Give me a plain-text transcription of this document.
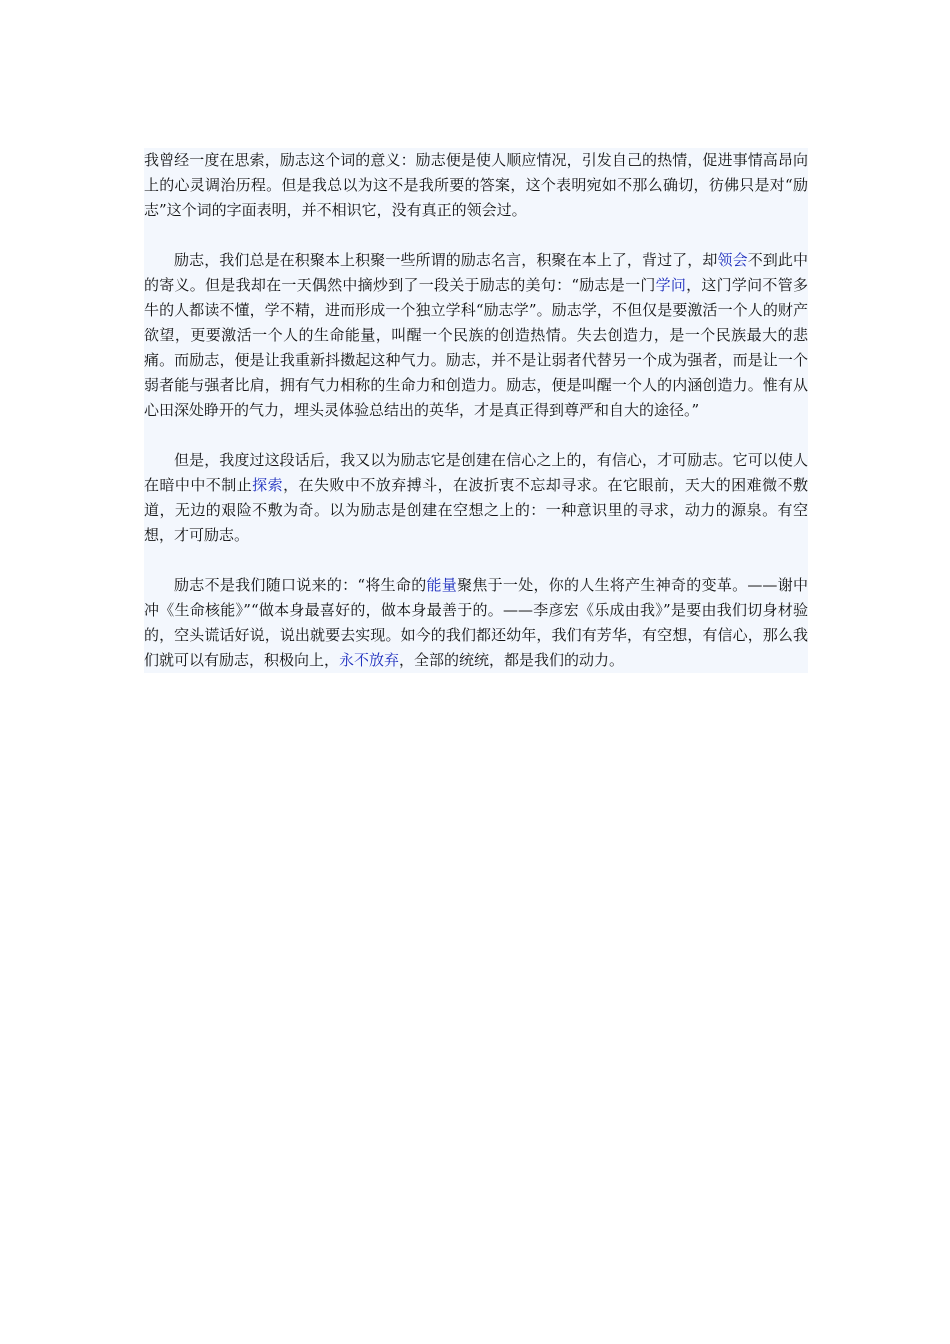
我曾经一度在思索，励志这个词的意义：励志便是使人顺应情况，引发自己的热情，促进事情高昂向上的心灵调治历程。但是我总以为这不是我所要的答案，这个表明宛如不那么确切，彷佛只是对“励志”这个词的字面表明，并不相识它，没有真正的领会过。

励志，我们总是在积聚本上积聚一些所谓的励志名言，积聚在本上了，背过了，却领会不到此中的寄义。但是我却在一天偶然中摘炒到了一段关于励志的美句：“励志是一门学问，这门学问不管多牛的人都读不懂，学不精，进而形成一个独立学科“励志学”。励志学，不但仅是要激活一个人的财产欲望，更要激活一个人的生命能量，叫醒一个民族的创造热情。失去创造力，是一个民族最大的悲痛。而励志，便是让我重新抖擞起这种气力。励志，并不是让弱者代替另一个成为强者，而是让一个弱者能与强者比肩，拥有气力相称的生命力和创造力。励志，便是叫醒一个人的内涵创造力。惟有从心田深处睁开的气力，埋头灵体验总结出的英华，才是真正得到尊严和自大的途径。”

但是，我度过这段话后，我又以为励志它是创建在信心之上的，有信心，才可励志。它可以使人在暗中中不制止探索，在失败中不放弃搏斗，在波折衷不忘却寻求。在它眼前，天大的困难微不敷道，无边的艰险不敷为奇。以为励志是创建在空想之上的：一种意识里的寻求，动力的源泉。有空想，才可励志。

励志不是我们随口说来的：“将生命的能量聚焦于一处，你的人生将产生神奇的变革。——谢中冲《生命核能》”“做本身最喜好的，做本身最善于的。——李彦宏《乐成由我》”是要由我们切身材验的，空头谎话好说，说出就要去实现。如今的我们都还幼年，我们有芳华，有空想，有信心，那么我们就可以有励志，积极向上，永不放弃，全部的统统，都是我们的动力。
